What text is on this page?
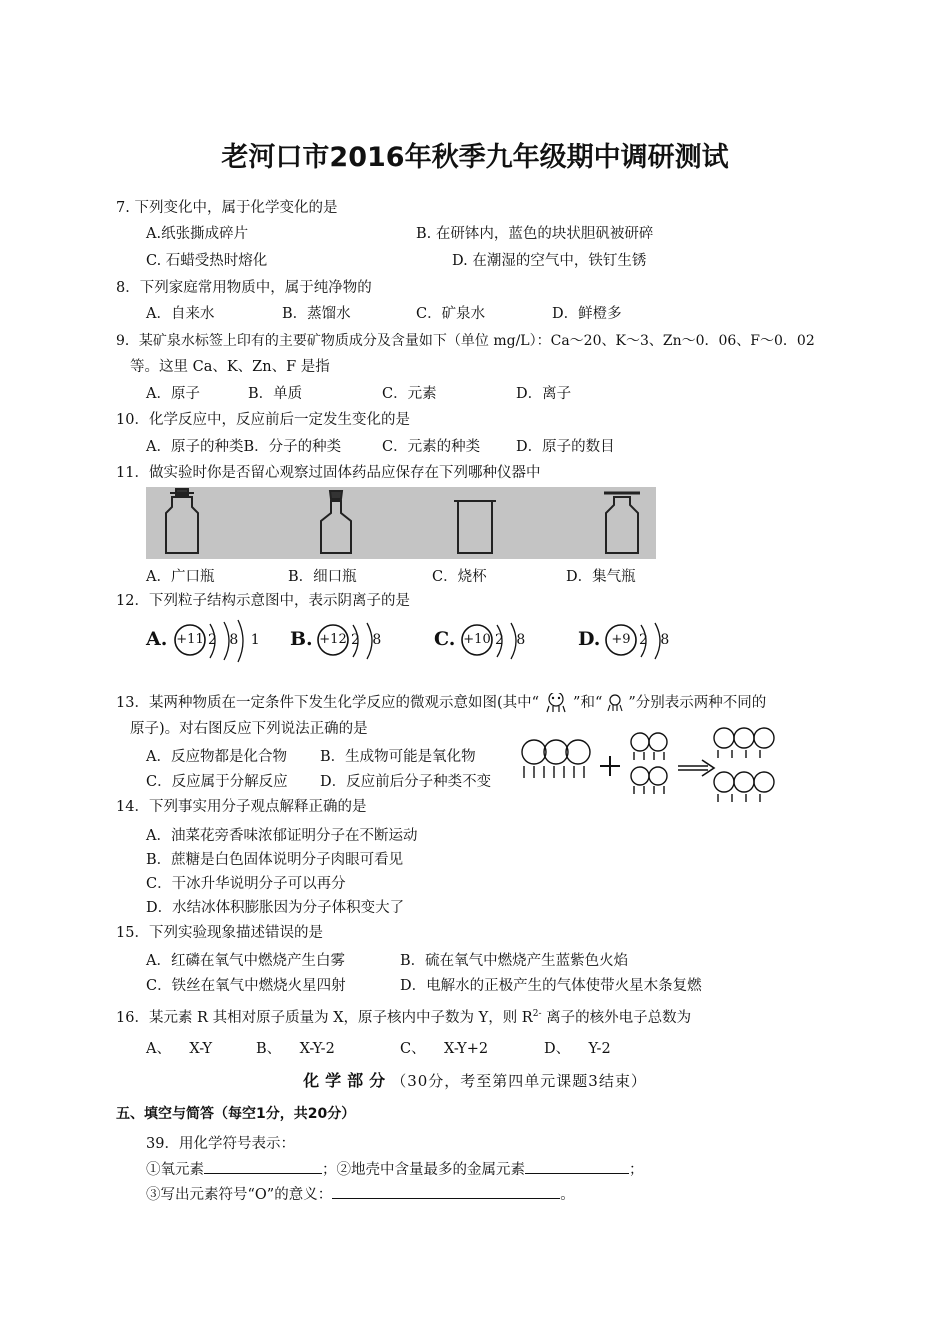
老河口市2016年秋季九年级期中调研测试
7. 下列变化中，属于化学变化的是
A.纸张撕成碎片	B. 在研钵内，蓝色的块状胆矾被研碎
C. 石蜡受热时熔化	D. 在潮湿的空气中，铁钉生锈
8．下列家庭常用物质中，属于纯净物的
A．自来水	B．蒸馏水	C．矿泉水	D．鲜橙多
9．某矿泉水标签上印有的主要矿物质成分及含量如下（单位 mg/L）：Ca～20、K～3、Zn～0．06、F～0．02
等。这里 Ca、K、Zn、F 是指
A．原子	B．单质	C．元素	D．离子
10．化学反应中，反应前后一定发生变化的是
A．原子的种类B．分子的种类	C．元素的种类 D．原子的数目
11．做实验时你是否留心观察过固体药品应保存在下列哪种仪器中
A．广口瓶	B．细口瓶	C．烧杯	D．集气瓶
12．下列粒子结构示意图中，表示阴离子的是
A. +11 2 8 1 B. +12 2 8	C. +10 2 8	D. +9 2 8
13．某两种物质在一定条件下发生化学反应的微观示意如图(其中“ ”和“ ”分别表示两种不同的
原子)。对右图反应下列说法正确的是
A．反应物都是化合物 B．生成物可能是氧化物
C．反应属于分解反应 D．反应前后分子种类不变
14．下列事实用分子观点解释正确的是
A．油菜花旁香味浓郁证明分子在不断运动
B．蔗糖是白色固体说明分子肉眼可看见
C．干冰升华说明分子可以再分
D．水结冰体积膨胀因为分子体积变大了
15．下列实验现象描述错误的是
A．红磷在氧气中燃烧产生白雾	B．硫在氧气中燃烧产生蓝紫色火焰
C．铁丝在氧气中燃烧火星四射	D．电解水的正极产生的气体使带火星木条复燃
16．某元素 R 其相对原子质量为 X，原子核内中子数为 Y，则 $R^{2-}$ 离子的核外电子总数为
A、    X-Y	B、    X-Y-2	C、    X-Y+2	D、    Y-2
化学部分（30分，考至第四单元课题3结束）
五、填空与简答（每空1分，共20分）
39．用化学符号表示：
①氧元素	；②地壳中含量最多的金属元素	；
③写出元素符号“O”的意义：	。
